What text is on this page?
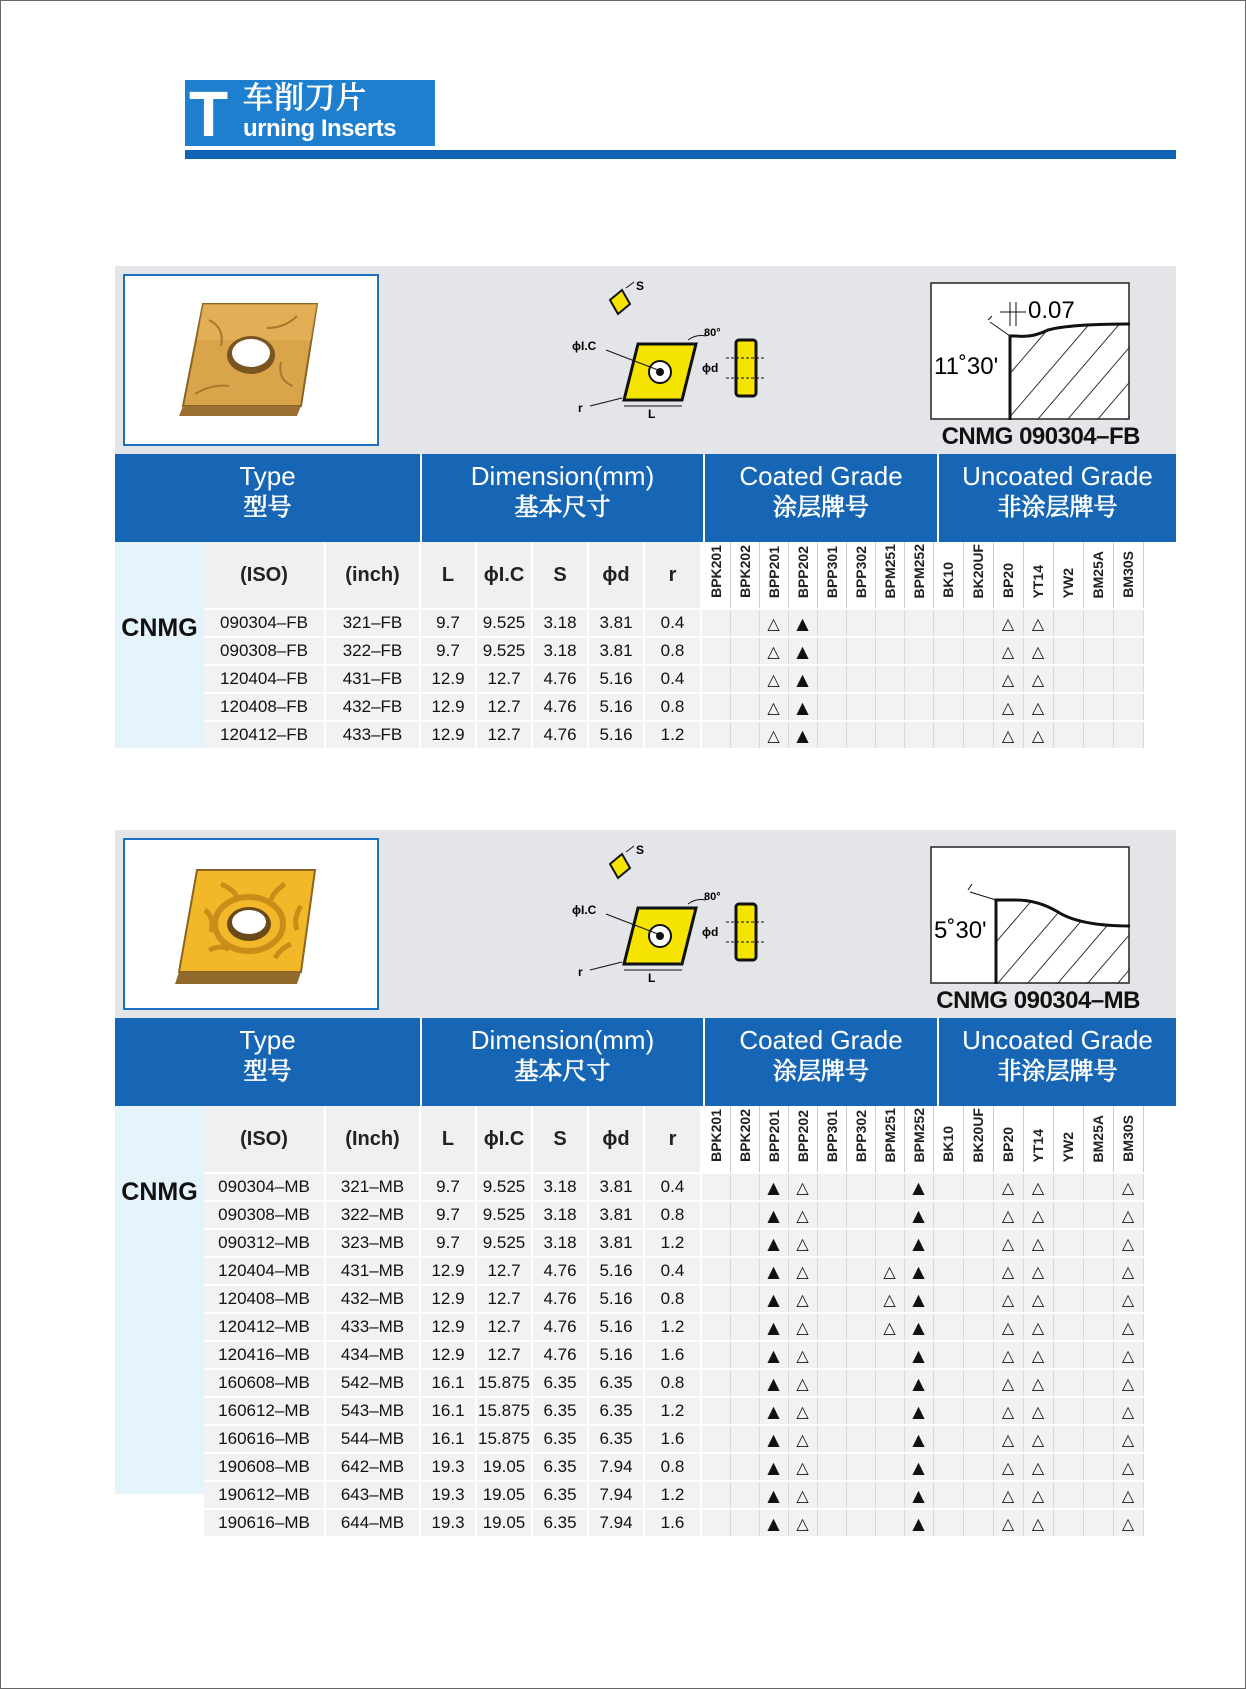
T 车削刀片
urning Inserts
S
ϕI.C
80°
L
r
ϕd
0.07
11˚30'
CNMG 090304–FB
Type
型号
Dimension(mm)
基本尺寸
Coated Grade
涂层牌号
Uncoated Grade
非涂层牌号
CNMG
(ISO)	(inch)	L	ϕI.C	S	ϕd	r	BPK201	BPK202	BPP201	BPP202	BPP301	BPP302	BPM251	BPM252	BK10	BK20UF	BP20	YT14	YW2	BM25A	BM30S
090304–FB	321–FB	9.7	9.525	3.18	3.81	0.4			△	▲							△	△			
090308–FB	322–FB	9.7	9.525	3.18	3.81	0.8			△	▲							△	△			
120404–FB	431–FB	12.9	12.7	4.76	5.16	0.4			△	▲							△	△			
120408–FB	432–FB	12.9	12.7	4.76	5.16	0.8			△	▲							△	△			
120412–FB	433–FB	12.9	12.7	4.76	5.16	1.2			△	▲							△	△			
S
ϕI.C
80°
L
r
ϕd	5˚30'
CNMG 090304–MB
Type
型号
Dimension(mm)
基本尺寸
Coated Grade
涂层牌号
Uncoated Grade
非涂层牌号
CNMG
(ISO)	(Inch)	L	ϕI.C	S	ϕd	r	BPK201	BPK202	BPP201	BPP202	BPP301	BPP302	BPM251	BPM252	BK10	BK20UF	BP20	YT14	YW2	BM25A	BM30S
090304–MB	321–MB	9.7	9.525	3.18	3.81	0.4			▲	△				▲			△	△			△
090308–MB	322–MB	9.7	9.525	3.18	3.81	0.8			▲	△				▲			△	△			△
090312–MB	323–MB	9.7	9.525	3.18	3.81	1.2			▲	△				▲			△	△			△
120404–MB	431–MB	12.9	12.7	4.76	5.16	0.4			▲	△			△	▲			△	△			△
120408–MB	432–MB	12.9	12.7	4.76	5.16	0.8			▲	△			△	▲			△	△			△
120412–MB	433–MB	12.9	12.7	4.76	5.16	1.2			▲	△			△	▲			△	△			△
120416–MB	434–MB	12.9	12.7	4.76	5.16	1.6			▲	△				▲			△	△			△
160608–MB	542–MB	16.1	15.875	6.35	6.35	0.8			▲	△				▲			△	△			△
160612–MB	543–MB	16.1	15.875	6.35	6.35	1.2			▲	△				▲			△	△			△
160616–MB	544–MB	16.1	15.875	6.35	6.35	1.6			▲	△				▲			△	△			△
190608–MB	642–MB	19.3	19.05	6.35	7.94	0.8			▲	△				▲			△	△			△
190612–MB	643–MB	19.3	19.05	6.35	7.94	1.2			▲	△				▲			△	△			△
190616–MB	644–MB	19.3	19.05	6.35	7.94	1.6			▲	△				▲			△	△			△
